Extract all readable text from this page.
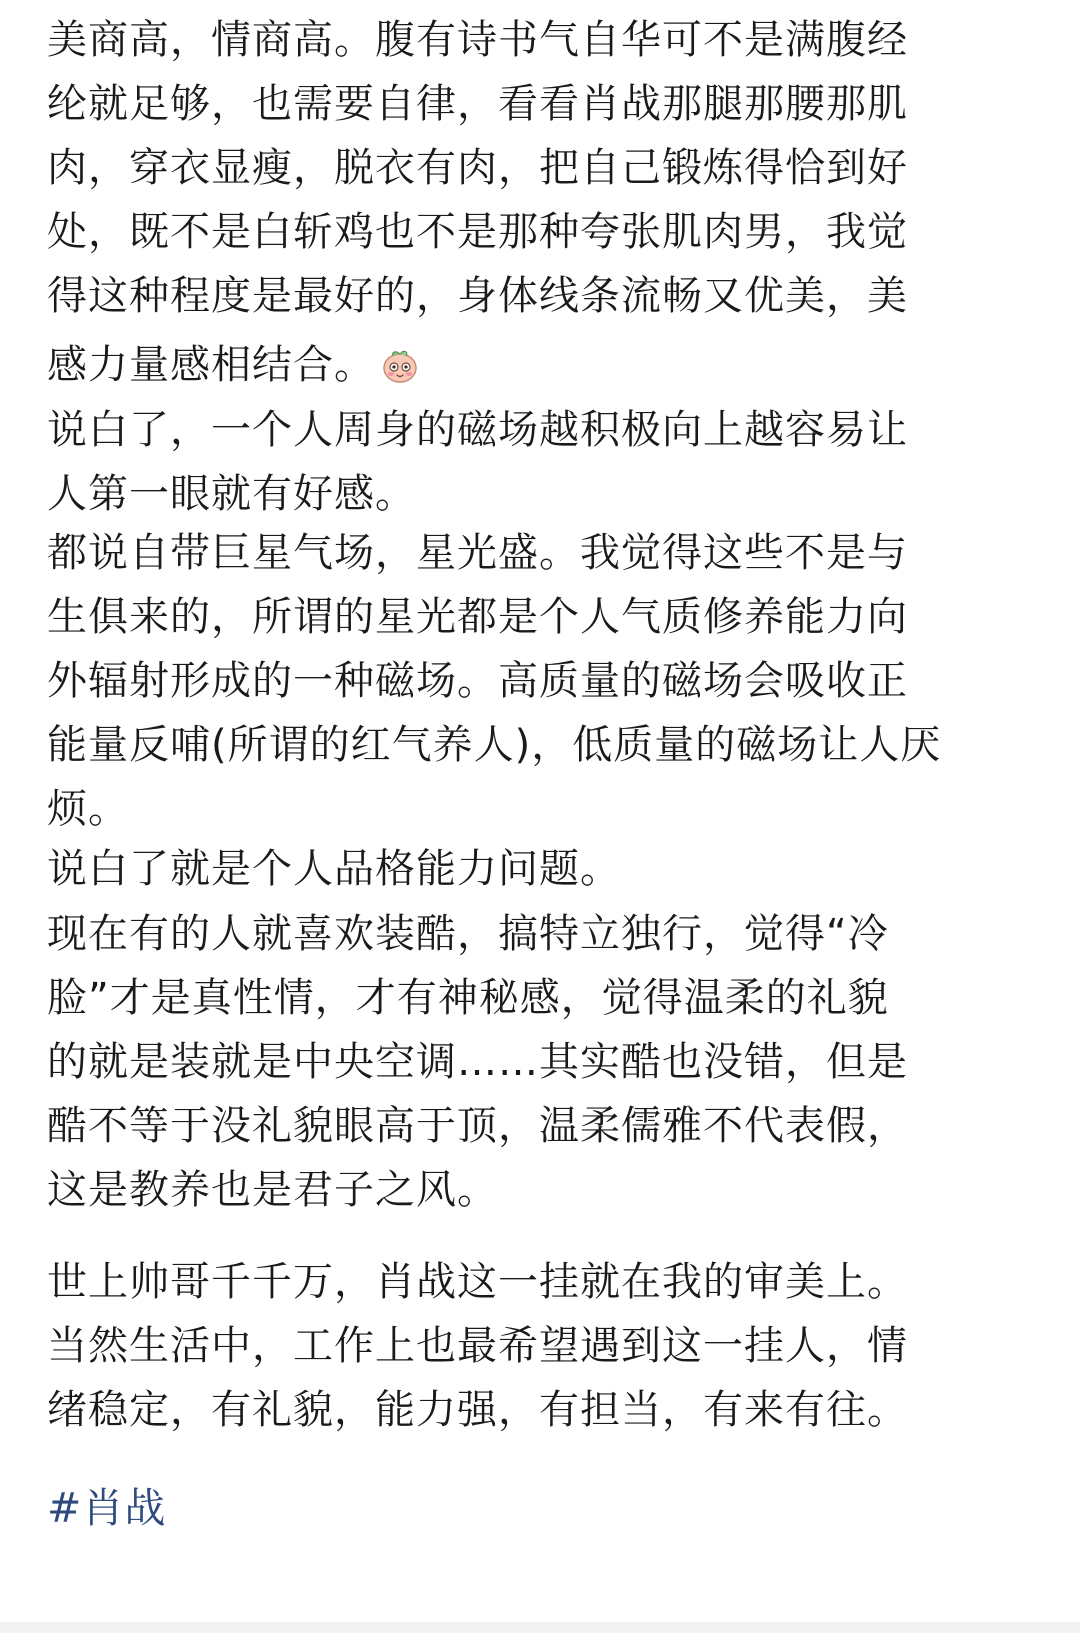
美商高，情商高。腹有诗书气自华可不是满腹经
纶就足够，也需要自律，看看肖战那腿那腰那肌
肉，穿衣显瘦，脱衣有肉，把自己锻炼得恰到好
处，既不是白斩鸡也不是那种夸张肌肉男，我觉
得这种程度是最好的，身体线条流畅又优美，美

感力量感相结合。

说白了，一个人周身的磁场越积极向上越容易让
人第一眼就有好感。

都说自带巨星气场，星光盛。我觉得这些不是与
生俱来的，所谓的星光都是个人气质修养能力向
外辐射形成的一种磁场。高质量的磁场会吸收正
能量反哺(所谓的红气养人)，低质量的磁场让人厌
烦。

说白了就是个人品格能力问题。

现在有的人就喜欢装酷，搞特立独行，觉得“冷
脸”才是真性情，才有神秘感，觉得温柔的礼貌
的就是装就是中央空调……其实酷也没错，但是
酷不等于没礼貌眼高于顶，温柔儒雅不代表假，
这是教养也是君子之风。

世上帅哥千千万，肖战这一挂就在我的审美上。
当然生活中，工作上也最希望遇到这一挂人，情
绪稳定，有礼貌，能力强，有担当，有来有往。

#肖战
